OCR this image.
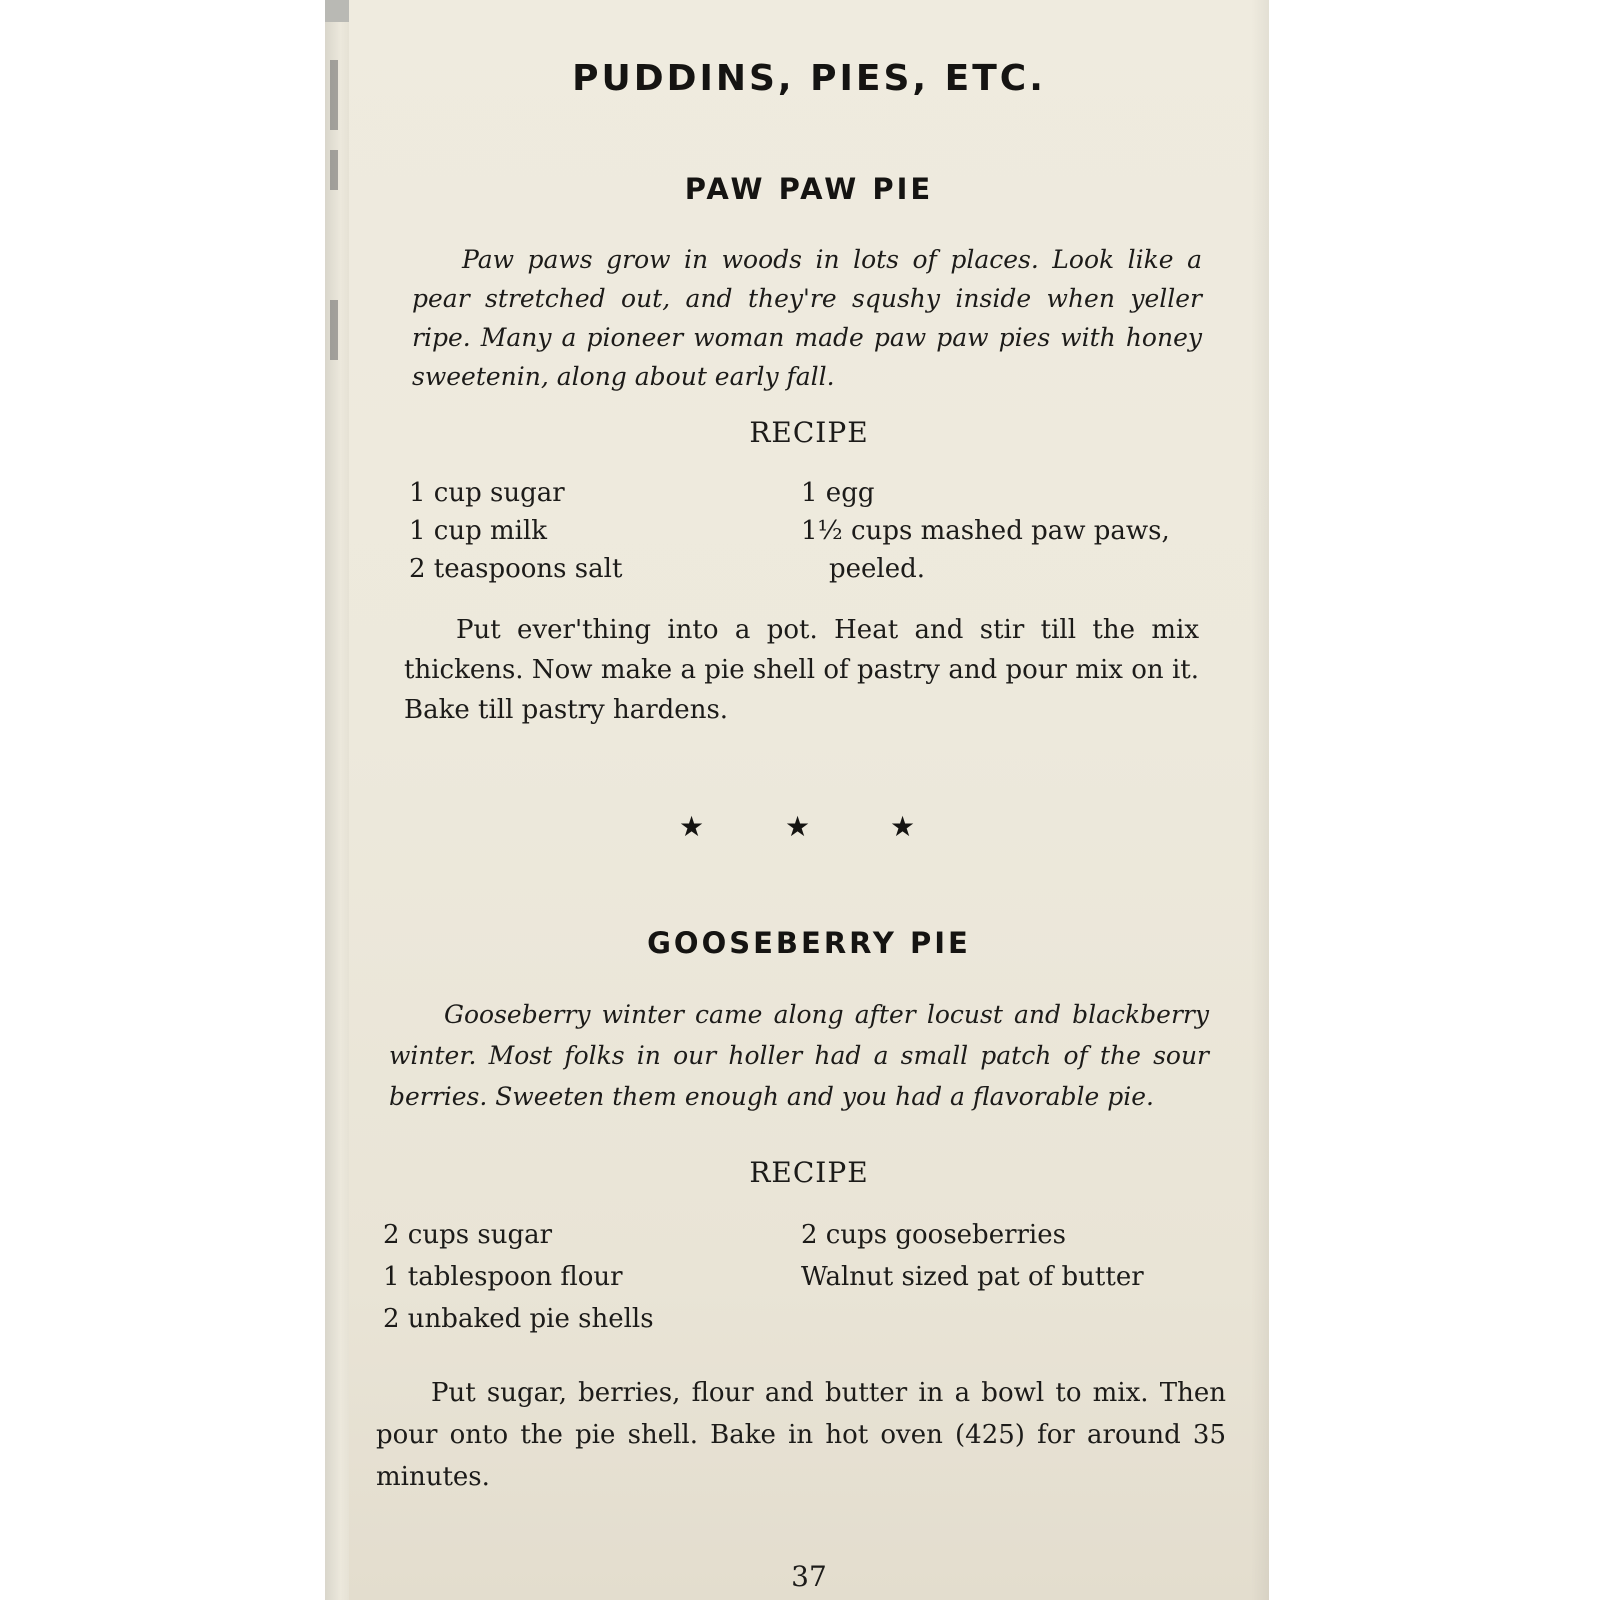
PUDDINS, PIES, ETC.
PAW PAW PIE

Paw paws grow in woods in lots of places. Look like a pear stretched out, and they're squshy inside when yeller ripe. Many a pioneer woman made paw paw pies with honey sweetenin, along about early fall.

RECIPE
1 cup sugar
1 cup milk
2 teaspoons salt
1 egg
1½ cups mashed paw paws,
peeled.

Put ever'thing into a pot. Heat and stir till the mix thickens. Now make a pie shell of pastry and pour mix on it. Bake till pastry hardens.

★	★	★
GOOSEBERRY PIE

Gooseberry winter came along after locust and blackberry winter. Most folks in our holler had a small patch of the sour berries. Sweeten them enough and you had a flavorable pie.

RECIPE
2 cups sugar
1 tablespoon flour
2 unbaked pie shells
2 cups gooseberries
Walnut sized pat of butter

Put sugar, berries, flour and butter in a bowl to mix. Then pour onto the pie shell. Bake in hot oven (425) for around 35 minutes.

37
